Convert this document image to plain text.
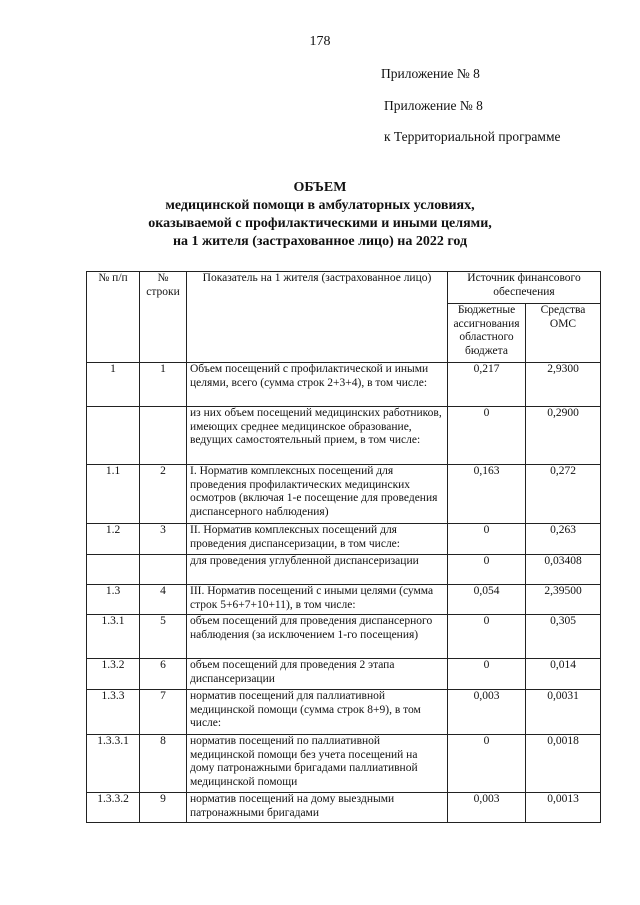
178
Приложение № 8
Приложение № 8
к Территориальной программе
ОБЪЕМ
медицинской помощи в амбулаторных условиях,
оказываемой с профилактическими и иными целями,
на 1 жителя (застрахованное лицо) на 2022 год
№ п/п	№ строки	Показатель на 1 жителя (застрахованное лицо)	Источник финансового обеспечения	
			Бюджетные ассигнования областного бюджета	Средства ОМС
1	1	Объем посещений с профилактической и иными целями, всего (сумма строк 2+3+4), в том числе:	0,217	2,9300
		из них объем посещений медицинских работников, имеющих среднее медицинское образование, ведущих самостоятельный прием, в том числе:	0	0,2900
1.1	2	I. Норматив комплексных посещений для проведения профилактических медицинских осмотров (включая 1-е посещение для проведения диспансерного наблюдения)	0,163	0,272
1.2	3	II. Норматив комплексных посещений для проведения диспансеризации, в том числе:	0	0,263
		для проведения углубленной диспансеризации	0	0,03408
1.3	4	III. Норматив посещений с иными целями (сумма строк 5+6+7+10+11), в том числе:	0,054	2,39500
1.3.1	5	объем посещений для проведения диспансерного наблюдения (за исключением 1-го посещения)	0	0,305
1.3.2	6	объем посещений для проведения 2 этапа диспансеризации	0	0,014
1.3.3	7	норматив посещений для паллиативной медицинской помощи (сумма строк 8+9), в том числе:	0,003	0,0031
1.3.3.1	8	норматив посещений по паллиативной медицинской помощи без учета посещений на дому патронажными бригадами паллиативной медицинской помощи	0	0,0018
1.3.3.2	9	норматив посещений на дому выездными патронажными бригадами	0,003	0,0013
